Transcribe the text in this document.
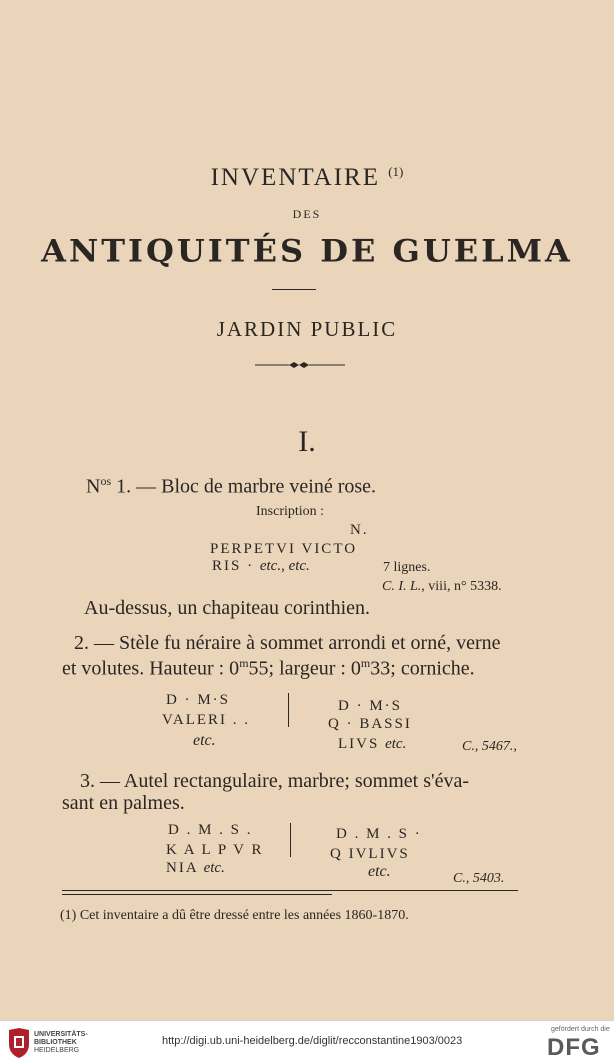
INVENTAIRE $^{(1)}$
DES
ANTIQUITÉS DE GUELMA
JARDIN PUBLIC
I.
$N^{os}$ 1. — Bloc de marbre veiné rose.
Inscription :
N.
PERPETVI VICTO
RIS · etc., etc.	7 lignes.
C. I. L., viii, n° 5338.
Au-dessus, un chapiteau corinthien.
2. — Stèle fu néraire à sommet arrondi et orné, verne
et volutes. Hauteur : 0$^m$55; largeur : 0$^m$33; corniche.
D · M·S
VALERI . .
etc.
D · M·S
Q · BASSI
LIVS etc.	C., 5467.,
3. — Autel rectangulaire, marbre; sommet s'éva-
sant en palmes.
D . M . S .
K A L P V R
NIA etc.
D . M . S ·
Q IVLIVS
etc.	C., 5403.
(1) Cet inventaire a dû être dressé entre les années 1860-1870.
UNIVERSITÄTS-
BIBLIOTHEK
HEIDELBERG
http://digi.ub.uni-heidelberg.de/diglit/recconstantine1903/0023
gefördert durch die
DFG
